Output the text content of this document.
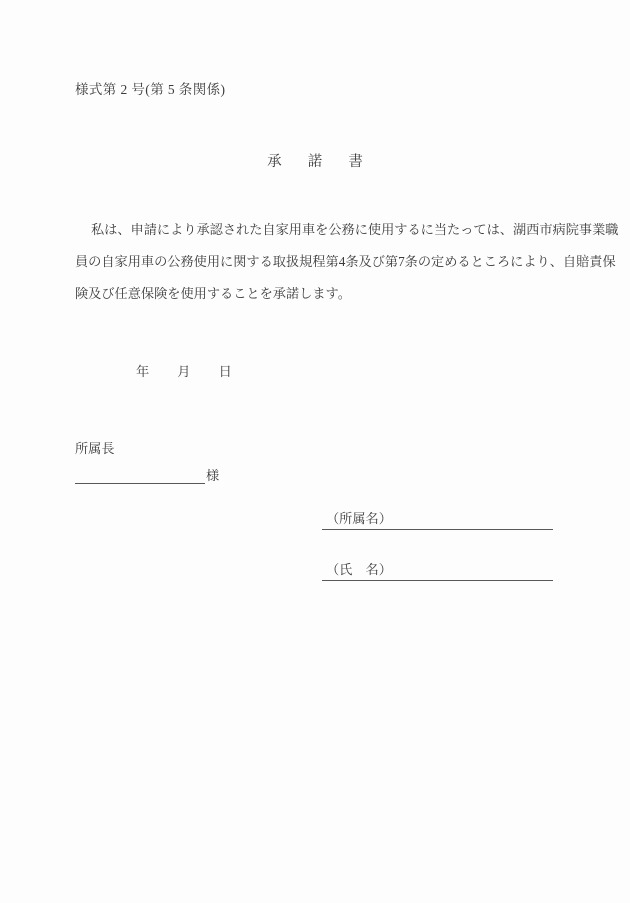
様式第 2 号(第 5 条関係)
承 諾 書
私は、申請により承認された自家用車を公務に使用するに当たっては、湖西市病院事業職
員の自家用車の公務使用に関する取扱規程第4条及び第7条の定めるところにより、自賠責保
険及び任意保険を使用することを承諾します。
年 月 日
所属長
様
（所属名）
（氏　名）
